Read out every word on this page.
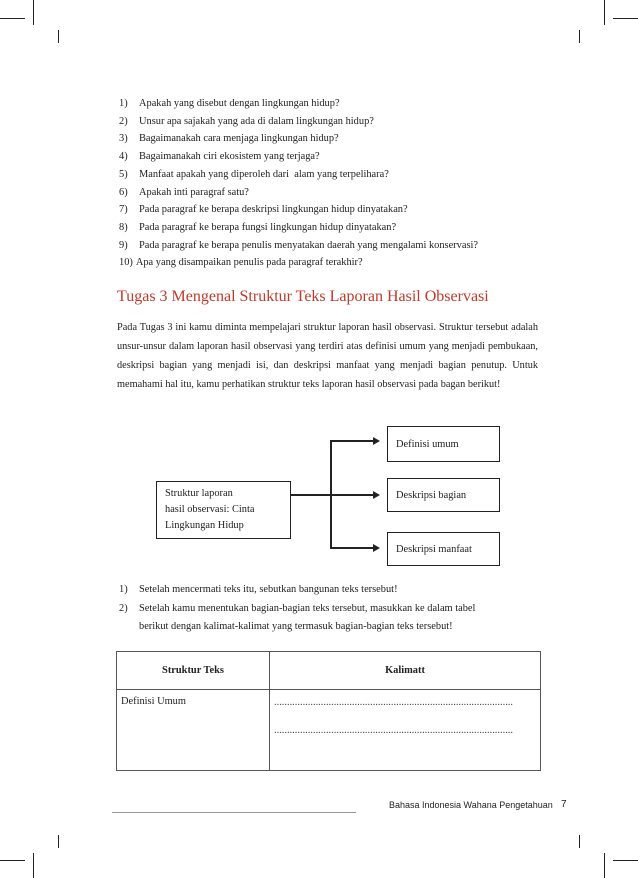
1) Apakah yang disebut dengan lingkungan hidup?
2) Unsur apa sajakah yang ada di dalam lingkungan hidup?
3) Bagaimanakah cara menjaga lingkungan hidup?
4) Bagaimanakah ciri ekosistem yang terjaga?
5) Manfaat apakah yang diperoleh dari  alam yang terpelihara?
6) Apakah inti paragraf satu?
7) Pada paragraf ke berapa deskripsi lingkungan hidup dinyatakan?
8) Pada paragraf ke berapa fungsi lingkungan hidup dinyatakan?
9) Pada paragraf ke berapa penulis menyatakan daerah yang mengalami konservasi?
10) Apa yang disampaikan penulis pada paragraf terakhir?
Tugas 3 Mengenal Struktur Teks Laporan Hasil Observasi

Pada Tugas 3 ini kamu diminta mempelajari struktur laporan hasil observasi. Struktur tersebut adalah unsur-unsur dalam laporan hasil observasi yang terdiri atas definisi umum yang menjadi pembukaan, deskripsi bagian yang menjadi isi, dan deskripsi manfaat yang menjadi bagian penutup. Untuk memahami hal itu, kamu perhatikan struktur teks laporan hasil observasi pada bagan berikut!

Struktur laporan
hasil observasi: Cinta
Lingkungan Hidup
Definisi umum
Deskripsi bagian
Deskripsi manfaat
1) Setelah mencermati teks itu, sebutkan bangunan teks tersebut!
2) Setelah kamu menentukan bagian-bagian teks tersebut, masukkan ke dalam tabel
berikut dengan kalimat-kalimat yang termasuk bagian-bagian teks tersebut!
Struktur Teks	Kalimatt
Definisi Umum	............................................................................................
............................................................................................
Bahasa Indonesia Wahana Pengetahuan 7
